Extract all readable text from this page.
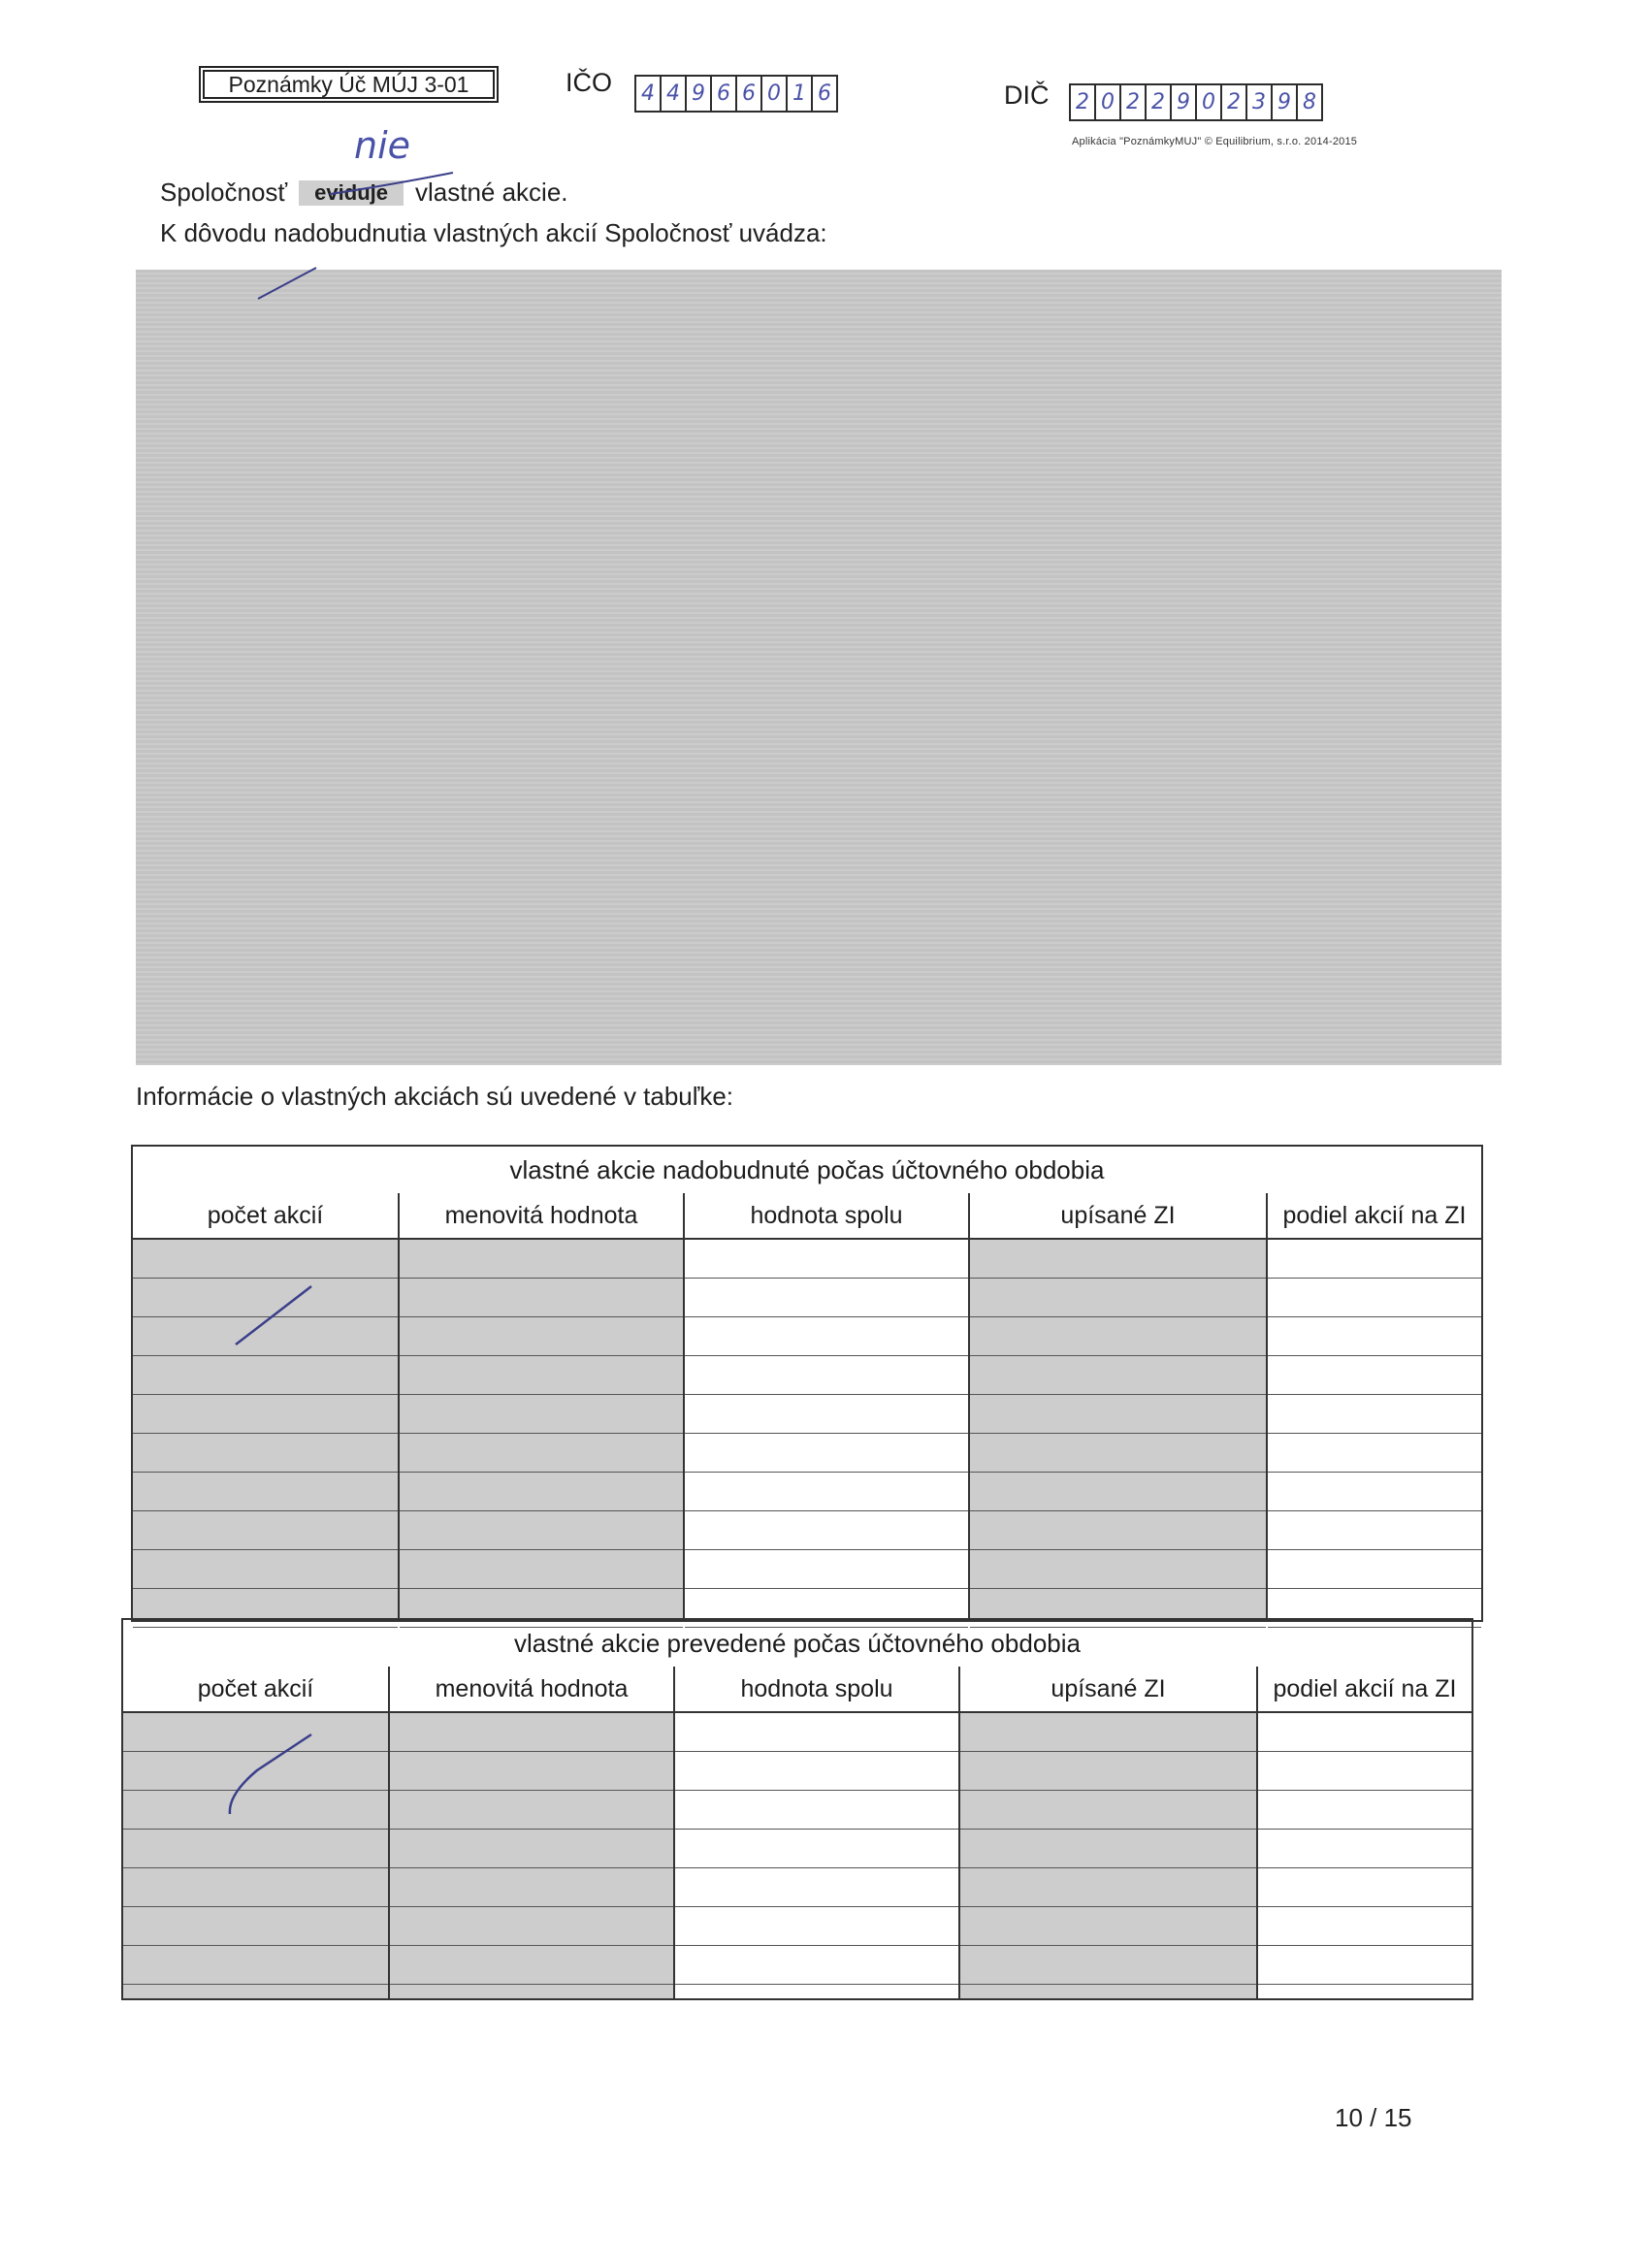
Poznámky Úč MÚJ 3-01	IČO	4 4 9 6 6 0 1 6	DIČ	2 0 2 2 9 0 2 3 9 8
Aplikácia "PoznámkyMUJ" © Equilibrium, s.r.o. 2014-2015
nie
Spoločnosť	eviduje	vlastné akcie.
K dôvodu nadobudnutia vlastných akcií Spoločnosť uvádza:
Informácie o vlastných akciách sú uvedené v tabuľke:
vlastné akcie nadobudnuté počas účtovného obdobia
počet akcií	menovitá hodnota	hodnota spolu	upísané ZI	podiel akcií na ZI
vlastné akcie prevedené počas účtovného obdobia
počet akcií	menovitá hodnota	hodnota spolu	upísané ZI	podiel akcií na ZI
10 / 15
